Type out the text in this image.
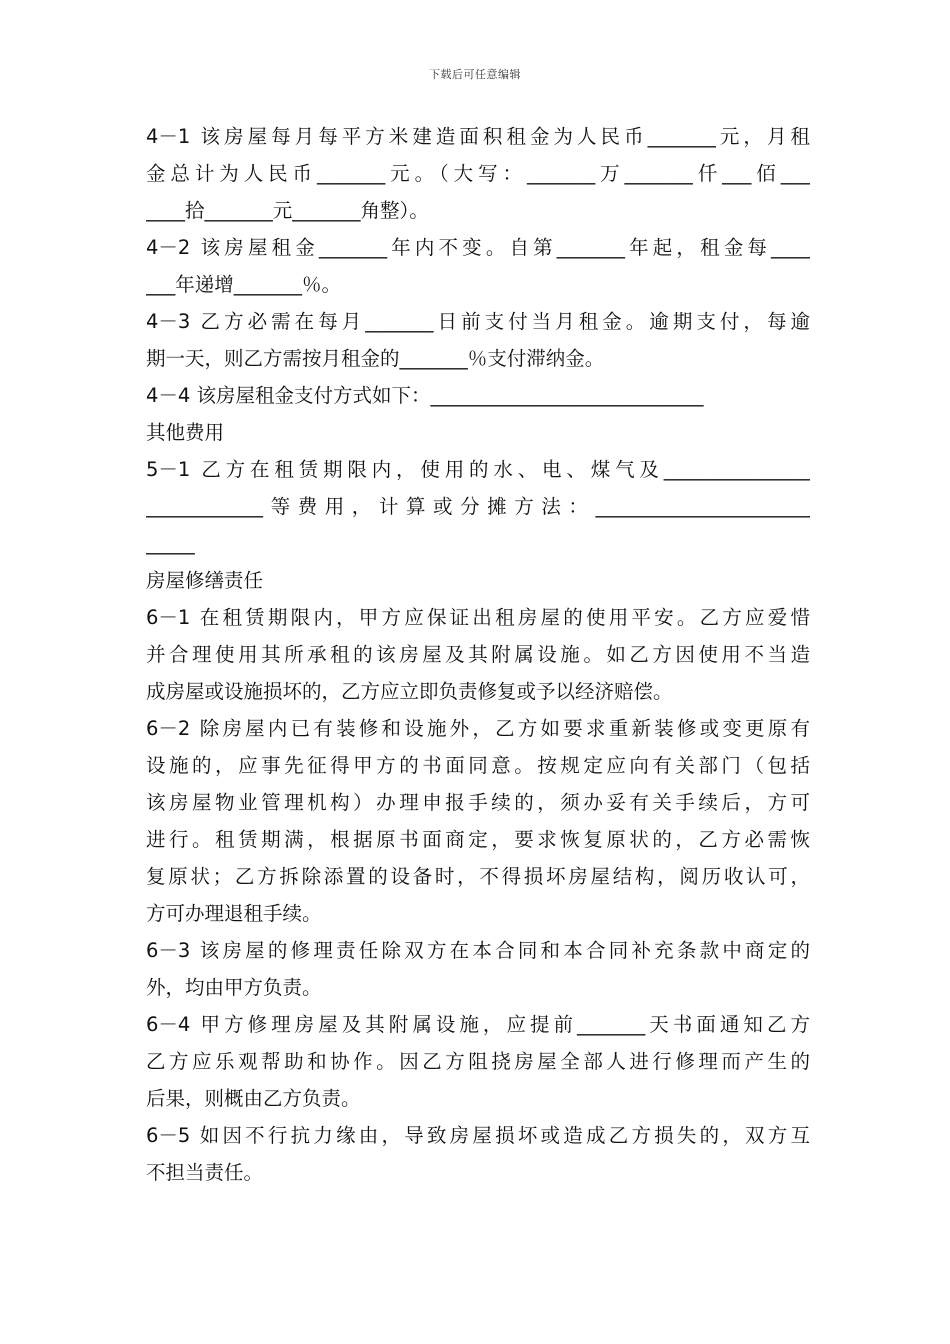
下载后可任意编辑
4－1 该房屋每月每平方米建造面积租金为人民币_______元，月租
金总计为人民币_______元。（大写：_______万_______仟___佰___
____拾_______元_______角整）。
4－2 该房屋租金_______年内不变。自第_______年起，租金每____
___年递增_______％。
4－3 乙方必需在每月_______日前支付当月租金。逾期支付，每逾
期一天，则乙方需按月租金的_______％支付滞纳金。
4－4 该房屋租金支付方式如下：____________________________
其他费用
5－1 乙方在租赁期限内，使用的水、电、煤气及_______________
____________等费用，计算或分摊方法：______________________
_____
房屋修缮责任
6－1 在租赁期限内，甲方应保证出租房屋的使用平安。乙方应爱惜
并合理使用其所承租的该房屋及其附属设施。如乙方因使用不当造
成房屋或设施损坏的，乙方应立即负责修复或予以经济赔偿。
6－2 除房屋内已有装修和设施外，乙方如要求重新装修或变更原有
设施的，应事先征得甲方的书面同意。按规定应向有关部门（包括
该房屋物业管理机构）办理申报手续的，须办妥有关手续后，方可
进行。租赁期满，根据原书面商定，要求恢复原状的，乙方必需恢
复原状；乙方拆除添置的设备时，不得损坏房屋结构，阅历收认可，
方可办理退租手续。
6－3 该房屋的修理责任除双方在本合同和本合同补充条款中商定的
外，均由甲方负责。
6－4 甲方修理房屋及其附属设施，应提前_______天书面通知乙方
乙方应乐观帮助和协作。因乙方阻挠房屋全部人进行修理而产生的
后果，则概由乙方负责。
6－5 如因不行抗力缘由，导致房屋损坏或造成乙方损失的，双方互
不担当责任。
